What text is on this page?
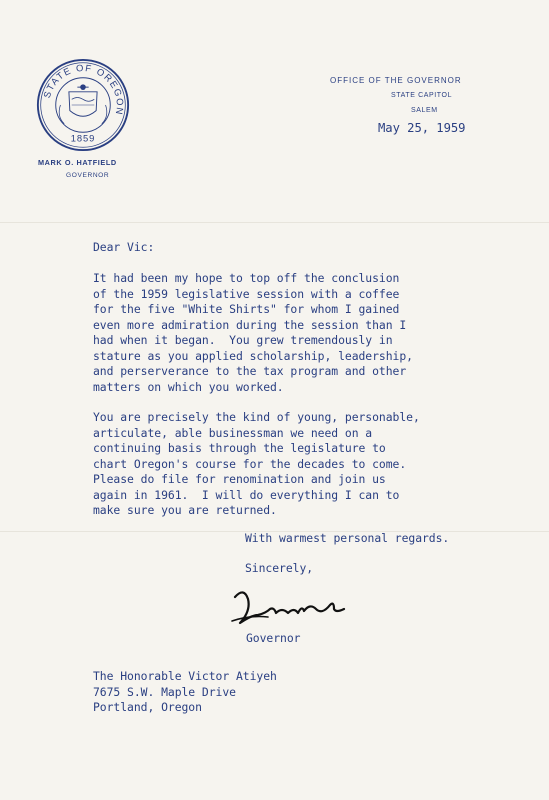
STATE OF OREGON
1859
MARK O. HATFIELD
GOVERNOR
OFFICE OF THE GOVERNOR
STATE CAPITOL
SALEM
May 25, 1959
Dear Vic:
It had been my hope to top off the conclusion
of the 1959 legislative session with a coffee
for the five "White Shirts" for whom I gained
even more admiration during the session than I
had when it began.  You grew tremendously in
stature as you applied scholarship, leadership,
and perserverance to the tax program and other
matters on which you worked.
You are precisely the kind of young, personable,
articulate, able businessman we need on a
continuing basis through the legislature to
chart Oregon's course for the decades to come.
Please do file for renomination and join us
again in 1961.  I will do everything I can to
make sure you are returned.
With warmest personal regards.
Sincerely,
Governor
The Honorable Victor Atiyeh
7675 S.W. Maple Drive
Portland, Oregon
